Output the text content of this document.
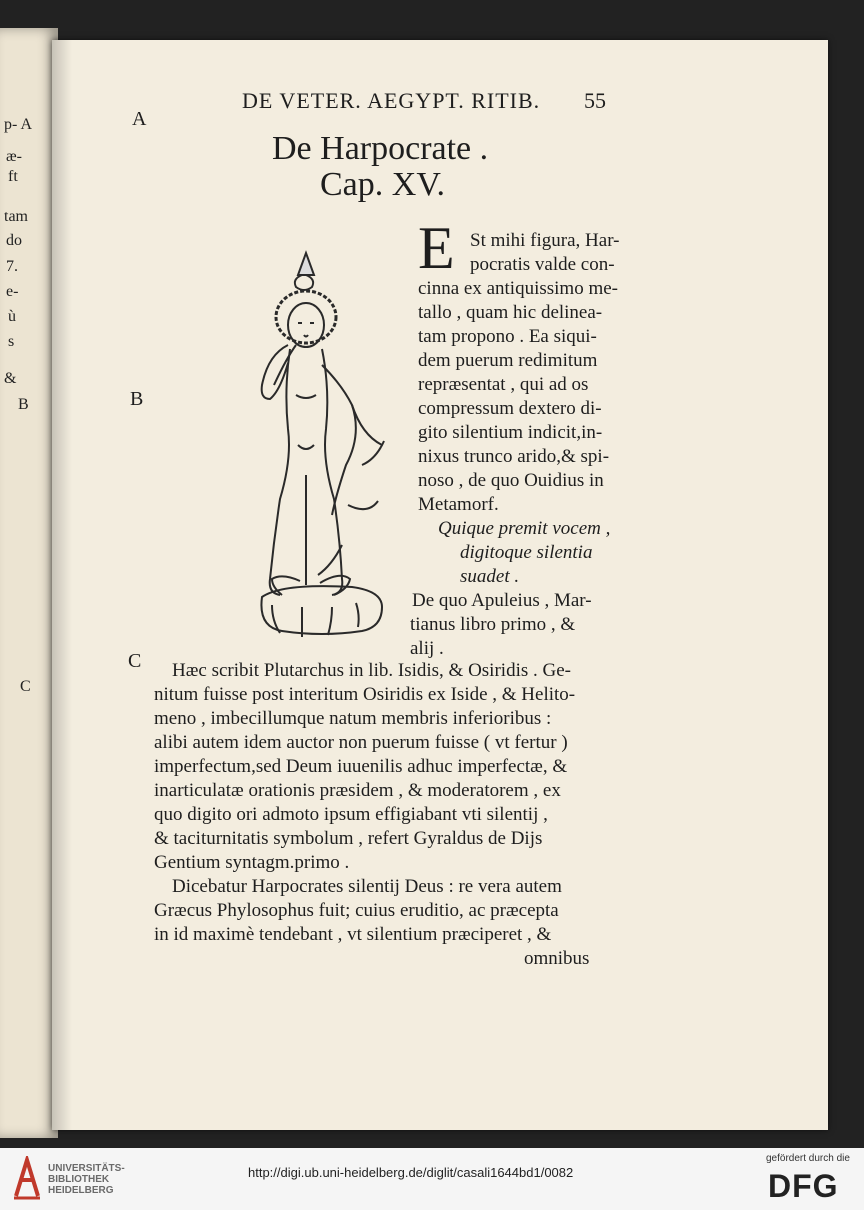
p- A
æ-
ft
tam
do
7.
e-
ù
s
&
B
C
DE VETER. AEGYPT. RITIB. 55
A
B
C
De Harpocrate .
Cap. XV.
E St mihi figura, Har-
pocratis valde con-
cinna ex antiquissimo me-
tallo , quam hic delinea-
tam propono . Ea siqui-
dem puerum redimitum
repræsentat , qui ad os
compressum dextero di-
gito silentium indicit,in-
nixus trunco arido,& spi-
noso , de quo Ouidius in
Metamorf.
Quique premit vocem ,
digitoque silentia
suadet .
De quo Apuleius , Mar-
tianus libro primo , &
alij .
Hæc scribit Plutarchus in lib. Isidis, & Osiridis . Ge-
nitum fuisse post interitum Osiridis ex Iside , & Helito-
meno , imbecillumque natum membris inferioribus :
alibi autem idem auctor non puerum fuisse ( vt fertur )
imperfectum,sed Deum iuuenilis adhuc imperfectæ, &
inarticulatæ orationis præsidem , & moderatorem , ex
quo digito ori admoto ipsum effigiabant vti silentij ,
& taciturnitatis symbolum , refert Gyraldus de Dijs
Gentium syntagm.primo .
Dicebatur Harpocrates silentij Deus : re vera autem
Græcus Phylosophus fuit; cuius eruditio, ac præcepta
in id maximè tendebant , vt silentium præciperet , &
omnibus
UNIVERSITÄTS-
BIBLIOTHEK
HEIDELBERG
http://digi.ub.uni-heidelberg.de/diglit/casali1644bd1/0082
gefördert durch die
DFG
